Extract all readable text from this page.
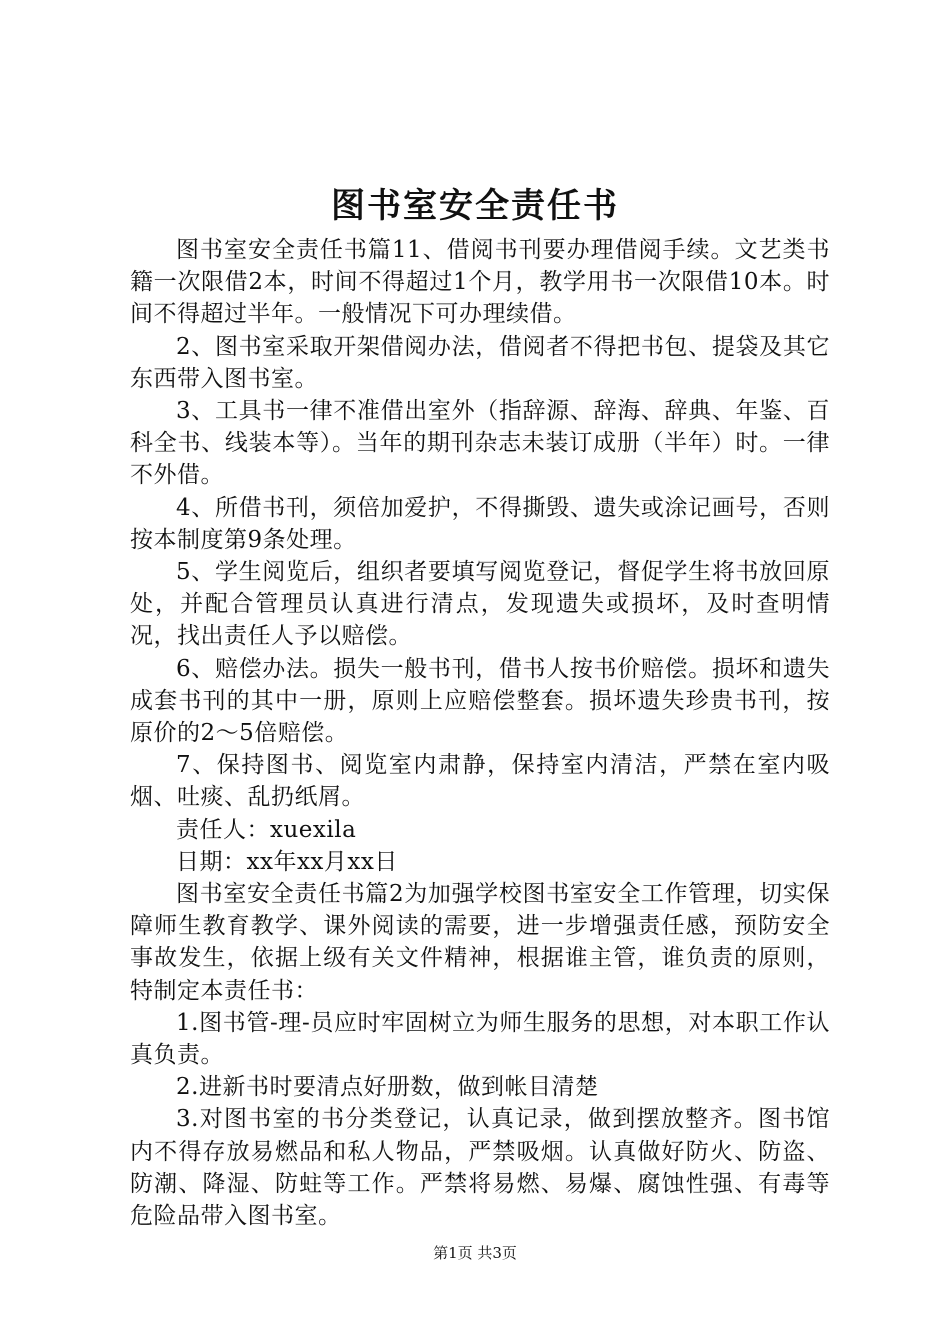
图书室安全责任书

图书室安全责任书篇11、借阅书刊要办理借阅手续。文艺类书籍一次限借2本，时间不得超过1个月，教学用书一次限借10本。时间不得超过半年。一般情况下可办理续借。

2、图书室采取开架借阅办法，借阅者不得把书包、提袋及其它东西带入图书室。

3、工具书一律不准借出室外（指辞源、辞海、辞典、年鉴、百科全书、线装本等）。当年的期刊杂志未装订成册（半年）时。一律不外借。

4、所借书刊，须倍加爱护，不得撕毁、遗失或涂记画号，否则按本制度第9条处理。

5、学生阅览后，组织者要填写阅览登记，督促学生将书放回原处，并配合管理员认真进行清点，发现遗失或损坏，及时查明情况，找出责任人予以赔偿。

6、赔偿办法。损失一般书刊，借书人按书价赔偿。损坏和遗失成套书刊的其中一册，原则上应赔偿整套。损坏遗失珍贵书刊，按原价的2～5倍赔偿。

7、保持图书、阅览室内肃静，保持室内清洁，严禁在室内吸烟、吐痰、乱扔纸屑。

责任人：xuexila

日期：xx年xx月xx日

图书室安全责任书篇2为加强学校图书室安全工作管理，切实保障师生教育教学、课外阅读的需要，进一步增强责任感，预防安全事故发生，依据上级有关文件精神，根据谁主管，谁负责的原则，特制定本责任书：

1.图书管-理-员应时牢固树立为师生服务的思想，对本职工作认真负责。

2.进新书时要清点好册数，做到帐目清楚

3.对图书室的书分类登记，认真记录，做到摆放整齐。图书馆内不得存放易燃品和私人物品，严禁吸烟。认真做好防火、防盗、防潮、降湿、防蛀等工作。严禁将易燃、易爆、腐蚀性强、有毒等危险品带入图书室。

第1页 共3页
